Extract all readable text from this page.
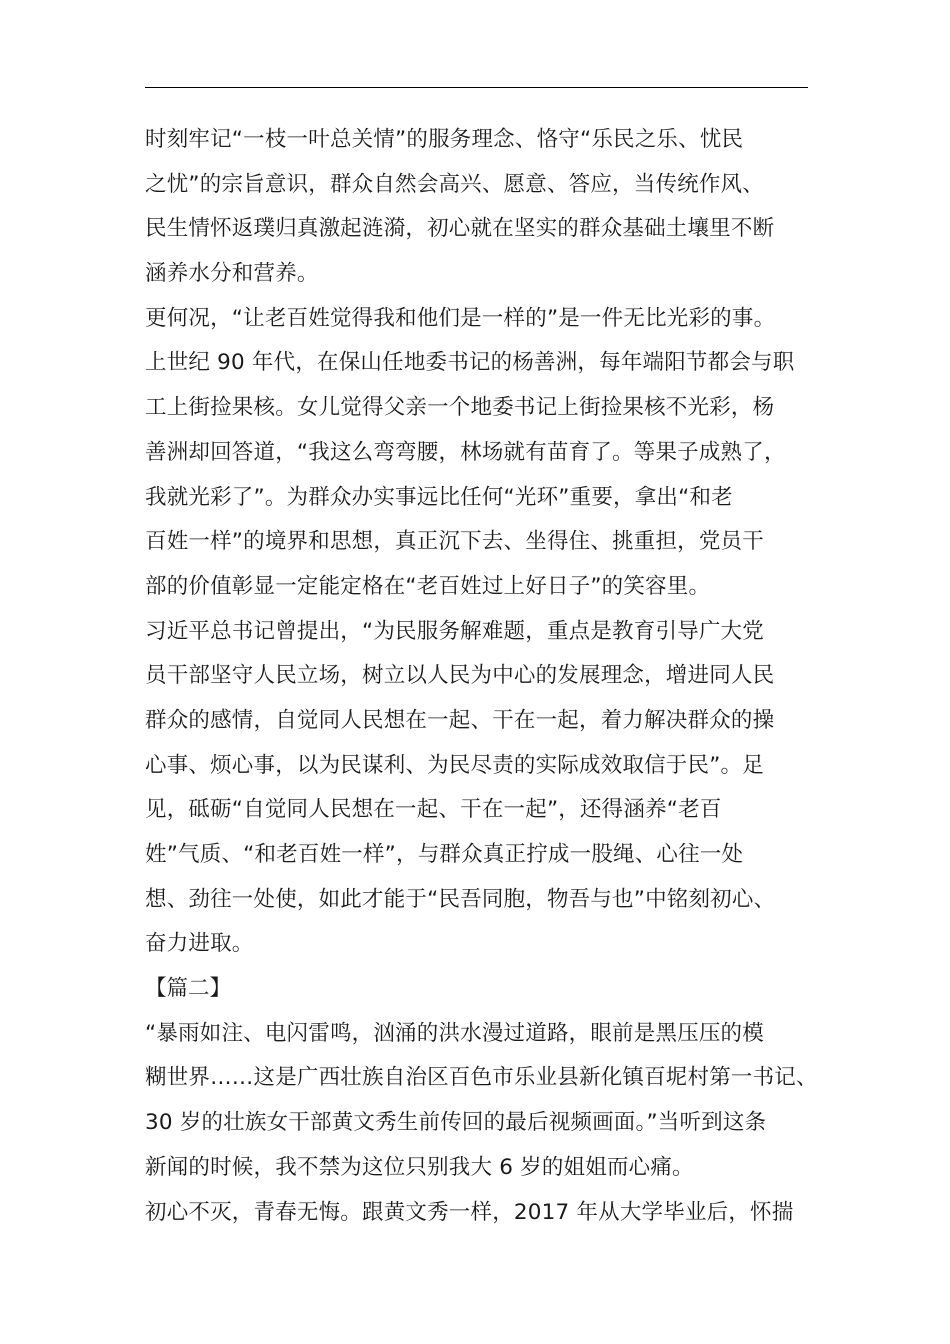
时刻牢记“一枝一叶总关情”的服务理念、恪守“乐民之乐、忧民
之忧”的宗旨意识，群众自然会高兴、愿意、答应，当传统作风、
民生情怀返璞归真激起涟漪，初心就在坚实的群众基础土壤里不断
涵养水分和营养。
更何况，“让老百姓觉得我和他们是一样的”是一件无比光彩的事。
上世纪 90 年代，在保山任地委书记的杨善洲，每年端阳节都会与职
工上街捡果核。女儿觉得父亲一个地委书记上街捡果核不光彩，杨
善洲却回答道，“我这么弯弯腰，林场就有苗育了。等果子成熟了，
我就光彩了”。为群众办实事远比任何“光环”重要，拿出“和老
百姓一样”的境界和思想，真正沉下去、坐得住、挑重担，党员干
部的价值彰显一定能定格在“老百姓过上好日子”的笑容里。
习近平总书记曾提出，“为民服务解难题，重点是教育引导广大党
员干部坚守人民立场，树立以人民为中心的发展理念，增进同人民
群众的感情，自觉同人民想在一起、干在一起，着力解决群众的操
心事、烦心事，以为民谋利、为民尽责的实际成效取信于民”。足
见，砥砺“自觉同人民想在一起、干在一起”，还得涵养“老百
姓”气质、“和老百姓一样”，与群众真正拧成一股绳、心往一处
想、劲往一处使，如此才能于“民吾同胞，物吾与也”中铭刻初心、
奋力进取。
【篇二】
“暴雨如注、电闪雷鸣，汹涌的洪水漫过道路，眼前是黑压压的模
糊世界……这是广西壮族自治区百色市乐业县新化镇百坭村第一书记、
30 岁的壮族女干部黄文秀生前传回的最后视频画面。”当听到这条
新闻的时候，我不禁为这位只别我大 6 岁的姐姐而心痛。
初心不灭，青春无悔。跟黄文秀一样，2017 年从大学毕业后，怀揣
